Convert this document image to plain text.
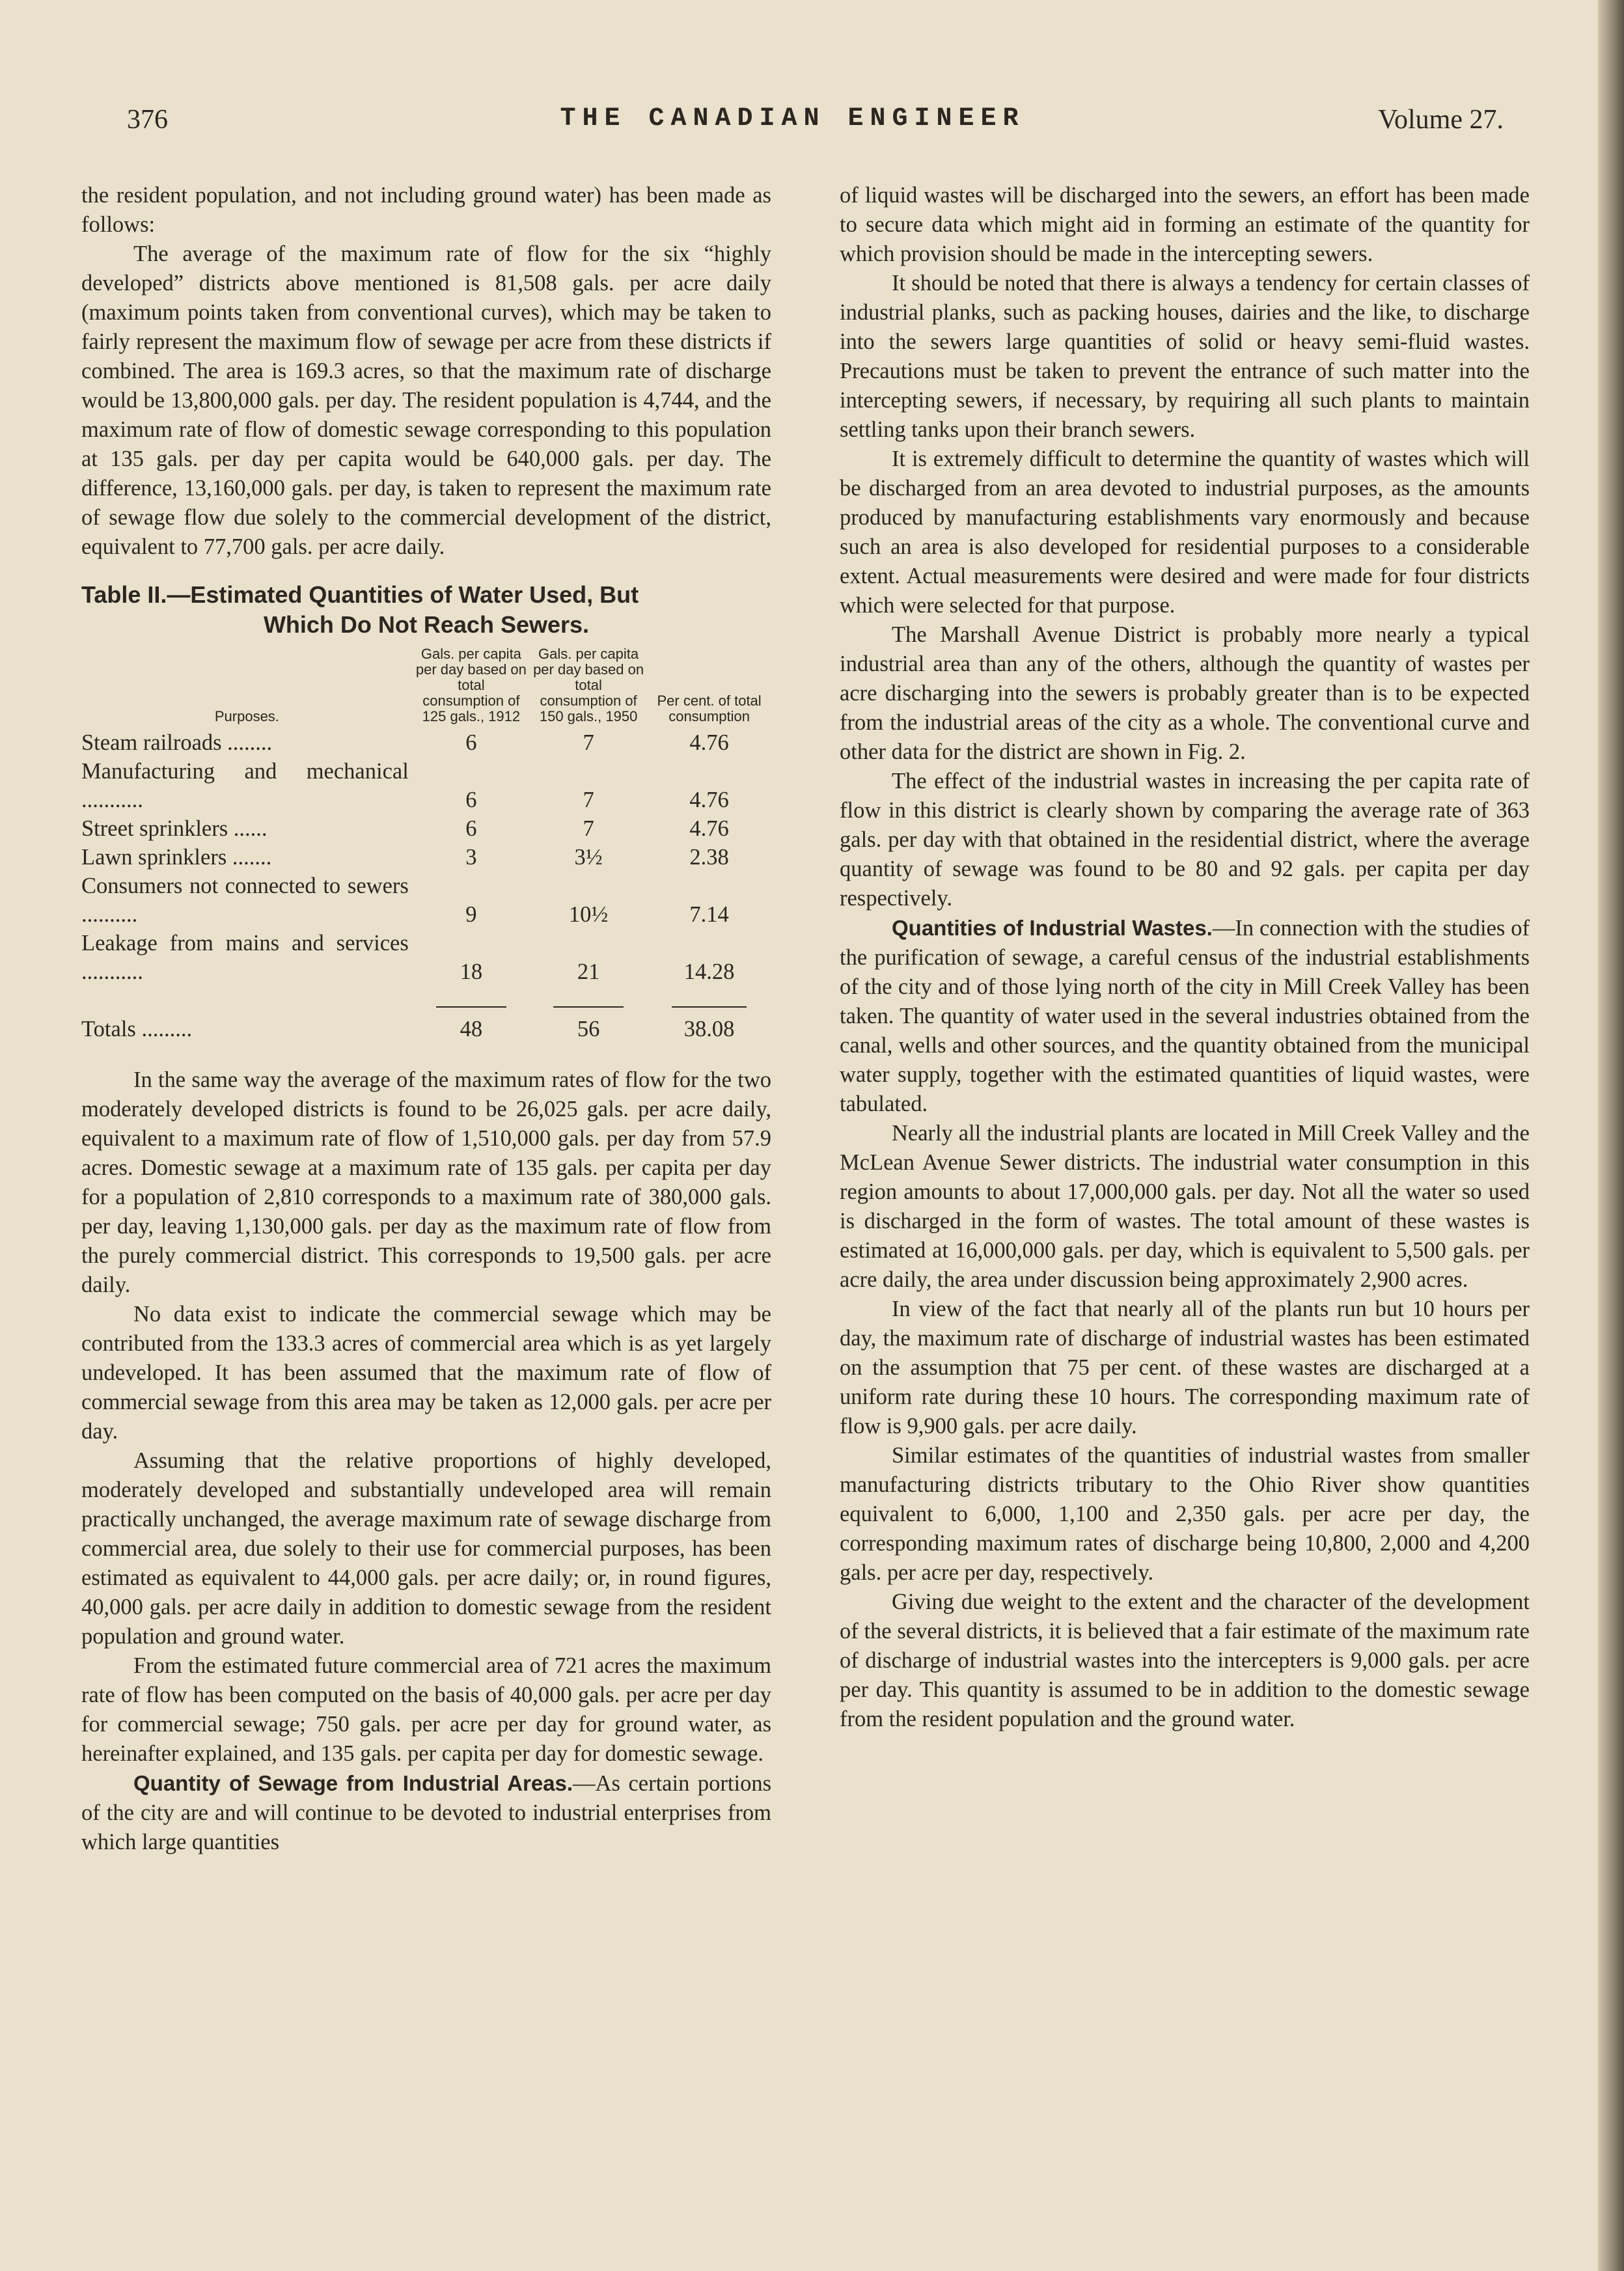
376	THE CANADIAN ENGINEER	Volume 27.

the resident population, and not including ground water) has been made as follows:

The average of the maximum rate of flow for the six “highly developed” districts above mentioned is 81,508 gals. per acre daily (maximum points taken from conventional curves), which may be taken to fairly represent the maximum flow of sewage per acre from these districts if combined. The area is 169.3 acres, so that the maximum rate of discharge would be 13,800,000 gals. per day. The resident population is 4,744, and the maximum rate of flow of domestic sewage corresponding to this population at 135 gals. per day per capita would be 640,000 gals. per day. The difference, 13,160,000 gals. per day, is taken to represent the maximum rate of sewage flow due solely to the commercial development of the district, equivalent to 77,700 gals. per acre daily.

Table II.—Estimated Quantities of Water Used, But
Which Do Not Reach Sewers.
Purposes.	Gals. per capita per day based on total consumption of 125 gals., 1912	Gals. per capita per day based on total consumption of 150 gals., 1950	Per cent. of total consumption
Steam railroads ........	6	7	4.76
Manufacturing and mechanical ...........	6	7	4.76
Street sprinklers ......	6	7	4.76
Lawn sprinklers .......	3	3½	2.38
Consumers not connected to sewers ..........	9	10½	7.14
Leakage from mains and services ...........	18	21	14.28

Totals .........	48	56	38.08

In the same way the average of the maximum rates of flow for the two moderately developed districts is found to be 26,025 gals. per acre daily, equivalent to a maximum rate of flow of 1,510,000 gals. per day from 57.9 acres. Domestic sewage at a maximum rate of 135 gals. per capita per day for a population of 2,810 corresponds to a maximum rate of 380,000 gals. per day, leaving 1,130,000 gals. per day as the maximum rate of flow from the purely commercial district. This corresponds to 19,500 gals. per acre daily.

No data exist to indicate the commercial sewage which may be contributed from the 133.3 acres of commercial area which is as yet largely undeveloped. It has been assumed that the maximum rate of flow of commercial sewage from this area may be taken as 12,000 gals. per acre per day.

Assuming that the relative proportions of highly developed, moderately developed and substantially undeveloped area will remain practically unchanged, the average maximum rate of sewage discharge from commercial area, due solely to their use for commercial purposes, has been estimated as equivalent to 44,000 gals. per acre daily; or, in round figures, 40,000 gals. per acre daily in addition to domestic sewage from the resident population and ground water.

From the estimated future commercial area of 721 acres the maximum rate of flow has been computed on the basis of 40,000 gals. per acre per day for commercial sewage; 750 gals. per acre per day for ground water, as hereinafter explained, and 135 gals. per capita per day for domestic sewage.

Quantity of Sewage from Industrial Areas.—As certain portions of the city are and will continue to be devoted to industrial enterprises from which large quantities

of liquid wastes will be discharged into the sewers, an effort has been made to secure data which might aid in forming an estimate of the quantity for which provision should be made in the intercepting sewers.

It should be noted that there is always a tendency for certain classes of industrial planks, such as packing houses, dairies and the like, to discharge into the sewers large quantities of solid or heavy semi-fluid wastes. Precautions must be taken to prevent the entrance of such matter into the intercepting sewers, if necessary, by requiring all such plants to maintain settling tanks upon their branch sewers.

It is extremely difficult to determine the quantity of wastes which will be discharged from an area devoted to industrial purposes, as the amounts produced by manufacturing establishments vary enormously and because such an area is also developed for residential purposes to a considerable extent. Actual measurements were desired and were made for four districts which were selected for that purpose.

The Marshall Avenue District is probably more nearly a typical industrial area than any of the others, although the quantity of wastes per acre discharging into the sewers is probably greater than is to be expected from the industrial areas of the city as a whole. The conventional curve and other data for the district are shown in Fig. 2.

The effect of the industrial wastes in increasing the per capita rate of flow in this district is clearly shown by comparing the average rate of 363 gals. per day with that obtained in the residential district, where the average quantity of sewage was found to be 80 and 92 gals. per capita per day respectively.

Quantities of Industrial Wastes.—In connection with the studies of the purification of sewage, a careful census of the industrial establishments of the city and of those lying north of the city in Mill Creek Valley has been taken. The quantity of water used in the several industries obtained from the canal, wells and other sources, and the quantity obtained from the municipal water supply, together with the estimated quantities of liquid wastes, were tabulated.

Nearly all the industrial plants are located in Mill Creek Valley and the McLean Avenue Sewer districts. The industrial water consumption in this region amounts to about 17,000,000 gals. per day. Not all the water so used is discharged in the form of wastes. The total amount of these wastes is estimated at 16,000,000 gals. per day, which is equivalent to 5,500 gals. per acre daily, the area under discussion being approximately 2,900 acres.

In view of the fact that nearly all of the plants run but 10 hours per day, the maximum rate of discharge of industrial wastes has been estimated on the assumption that 75 per cent. of these wastes are discharged at a uniform rate during these 10 hours. The corresponding maximum rate of flow is 9,900 gals. per acre daily.

Similar estimates of the quantities of industrial wastes from smaller manufacturing districts tributary to the Ohio River show quantities equivalent to 6,000, 1,100 and 2,350 gals. per acre per day, the corresponding maximum rates of discharge being 10,800, 2,000 and 4,200 gals. per acre per day, respectively.

Giving due weight to the extent and the character of the development of the several districts, it is believed that a fair estimate of the maximum rate of discharge of industrial wastes into the intercepters is 9,000 gals. per acre per day. This quantity is assumed to be in addition to the domestic sewage from the resident population and the ground water.
